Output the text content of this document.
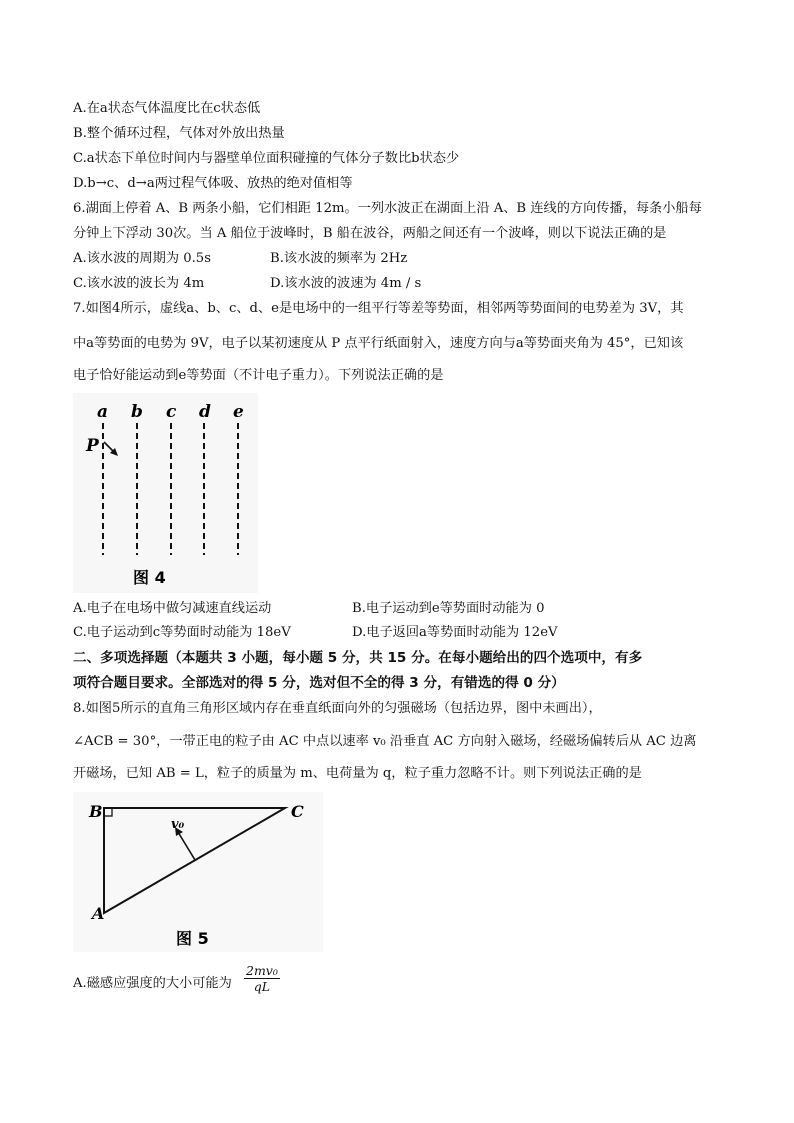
A.在a状态气体温度比在c状态低
B.整个循环过程，气体对外放出热量
C.a状态下单位时间内与器壁单位面积碰撞的气体分子数比b状态少
D.b→c、d→a两过程气体吸、放热的绝对值相等
6.湖面上停着 A、B 两条小船，它们相距 12m。一列水波正在湖面上沿 A、B 连线的方向传播，每条小船每
分钟上下浮动 30次。当 A 船位于波峰时，B 船在波谷，两船之间还有一个波峰，则以下说法正确的是
A.该水波的周期为 0.5s	B.该水波的频率为 2Hz
C.该水波的波长为 4m	D.该水波的波速为 4m / s
7.如图4所示，虚线a、b、c、d、e是电场中的一组平行等差等势面，相邻两等势面间的电势差为 3V，其
中a等势面的电势为 9V，电子以某初速度从 P 点平行纸面射入，速度方向与a等势面夹角为 45°，已知该
电子恰好能运动到e等势面（不计电子重力）。下列说法正确的是
a b c d e
P
图 4
A.电子在电场中做匀减速直线运动	B.电子运动到e等势面时动能为 0
C.电子运动到c等势面时动能为 18eV	D.电子返回a等势面时动能为 12eV
二、多项选择题（本题共 3 小题，每小题 5 分，共 15 分。在每小题给出的四个选项中，有多
项符合题目要求。全部选对的得 5 分，选对但不全的得 3 分，有错选的得 0 分）
8.如图5所示的直角三角形区域内存在垂直纸面向外的匀强磁场（包括边界，图中未画出），
∠ACB = 30°，一带正电的粒子由 AC 中点以速率 v₀ 沿垂直 AC 方向射入磁场，经磁场偏转后从 AC 边离
开磁场，已知 AB = L，粒子的质量为 m、电荷量为 q，粒子重力忽略不计。则下列说法正确的是
B	C
A
v₀
图 5
A.磁感应强度的大小可能为 $\frac{\text{2mv₀}}{qL}$
